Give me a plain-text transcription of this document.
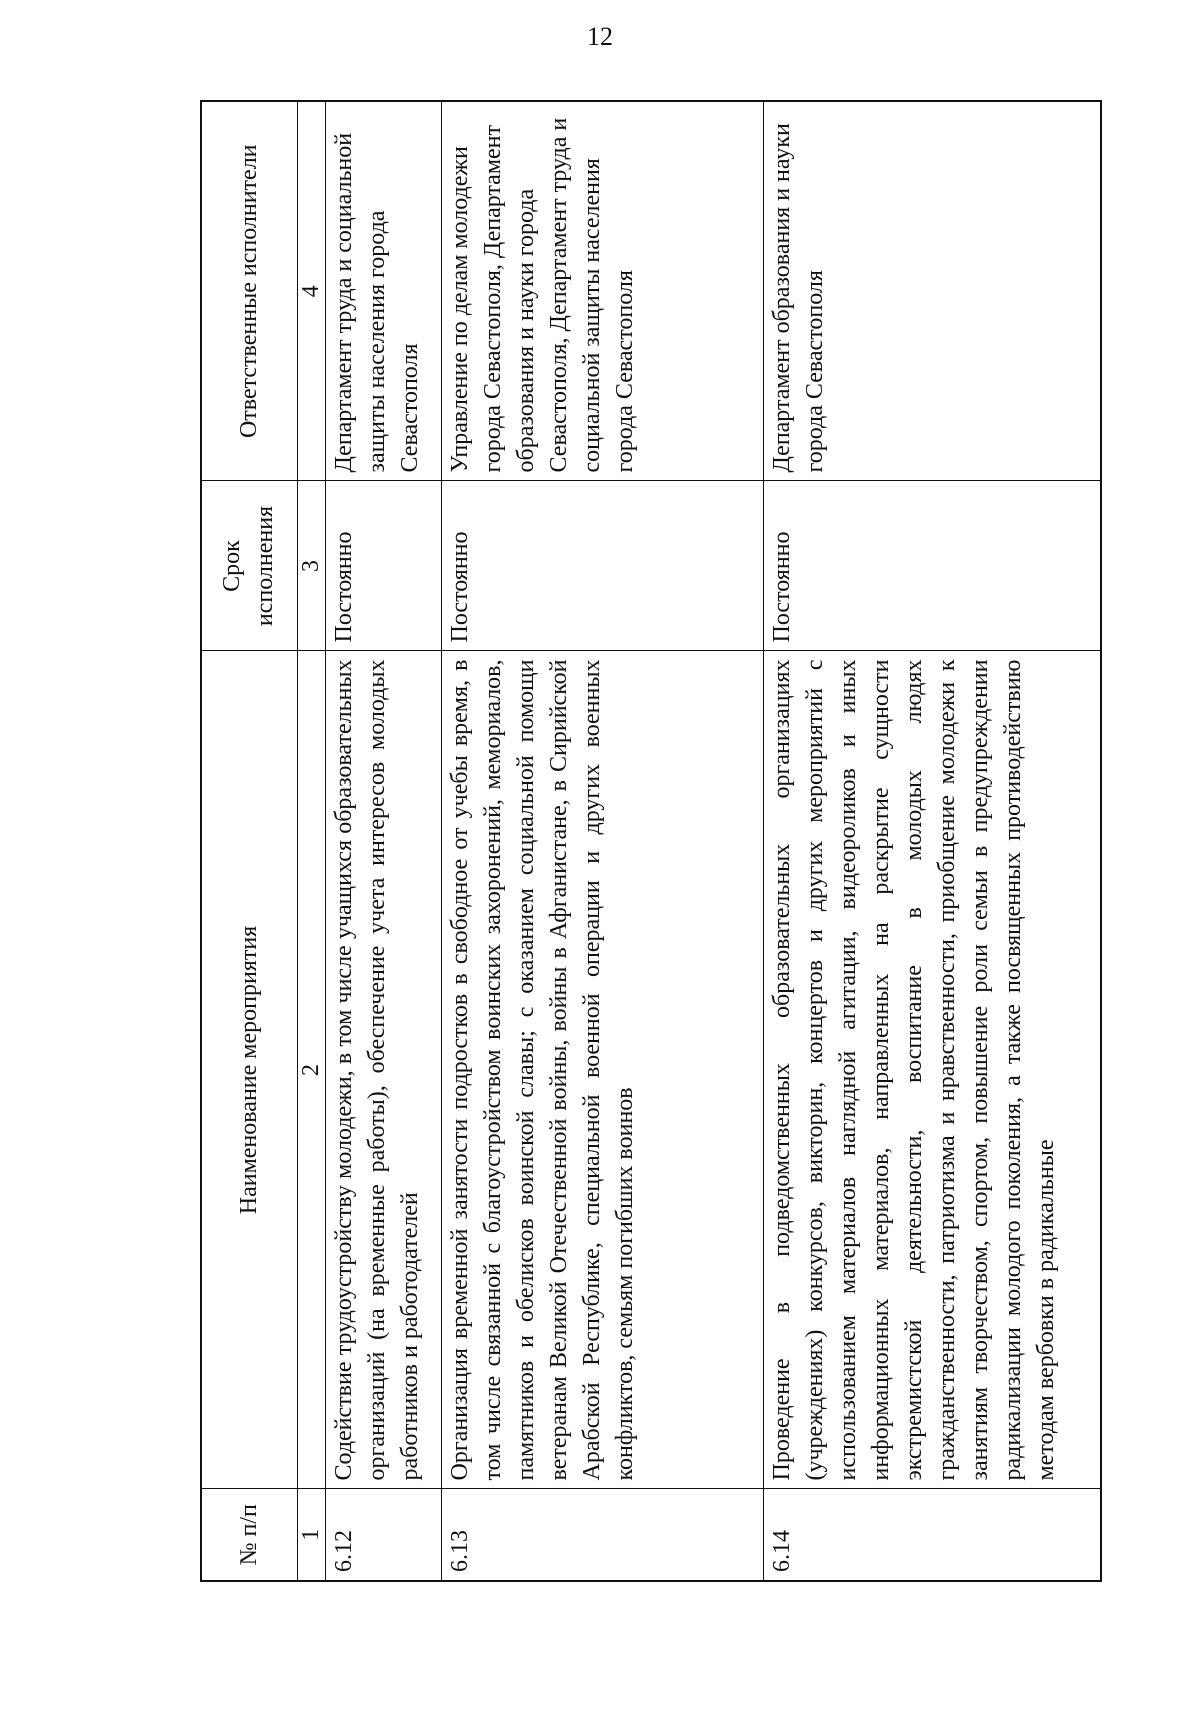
12
№ п/п	Наименование мероприятия	Срок исполнения	Ответственные исполнители
1	2	3	4
6.12	Содействие трудоустройству молодежи, в том числе учащихся образовательных организаций (на временные работы), обеспечение учета интересов молодых работников и работодателей	Постоянно	Департамент труда и социальной защиты населения города Севастополя
6.13	Организация временной занятости подростков в свободное от учебы время, в том числе связанной с благоустройством воинских захоронений, мемориалов, памятников и обелисков воинской славы; с оказанием социальной помощи ветеранам Великой Отечественной войны, войны в Афганистане, в Сирийской Арабской Республике, специальной военной операции и других военных конфликтов, семьям погибших воинов	Постоянно	Управление по делам молодежи города Севастополя, Департамент образования и науки города Севастополя, Департамент труда и социальной защиты населения города Севастополя
6.14	Проведение в подведомственных образовательных организациях (учреждениях) конкурсов, викторин, концертов и других мероприятий с использованием материалов наглядной агитации, видеороликов и иных информационных материалов, направленных на раскрытие сущности экстремистской деятельности, воспитание в молодых людях гражданственности, патриотизма и нравственности, приобщение молодежи к занятиям творчеством, спортом, повышение роли семьи в предупреждении радикализации молодого поколения, а также посвященных противодействию методам вербовки в радикальные	Постоянно	Департамент образования и науки города Севастополя
